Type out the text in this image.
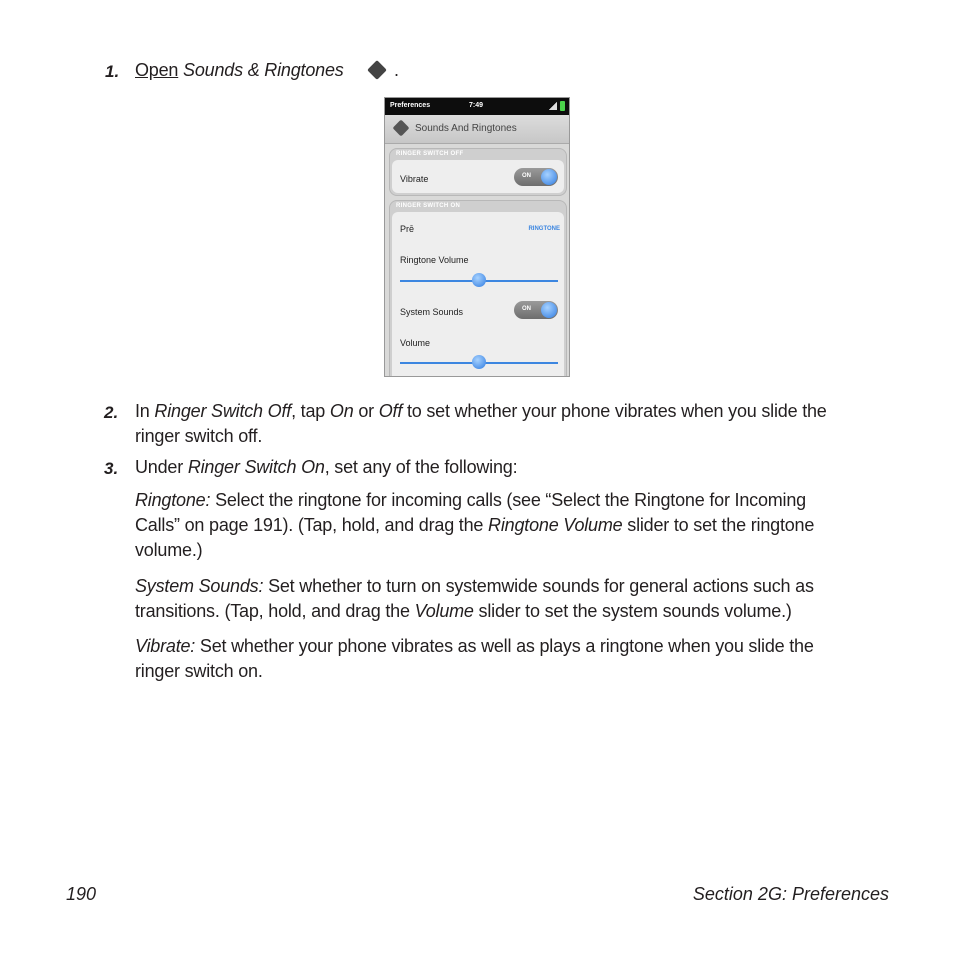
1. Open Sounds & Ringtones	.
Preferences	7:49
Sounds And Ringtones
RINGER SWITCH OFF
Vibrate	ON
RINGER SWITCH ON
Prē	RINGTONE
Ringtone Volume
System Sounds	ON
Volume
2. In Ringer Switch Off, tap On or Off to set whether your phone vibrates when you slide the
ringer switch off.
3. Under Ringer Switch On, set any of the following:
Ringtone: Select the ringtone for incoming calls (see “Select the Ringtone for Incoming
Calls” on page 191). (Tap, hold, and drag the Ringtone Volume slider to set the ringtone
volume.)
System Sounds: Set whether to turn on systemwide sounds for general actions such as
transitions. (Tap, hold, and drag the Volume slider to set the system sounds volume.)
Vibrate: Set whether your phone vibrates as well as plays a ringtone when you slide the
ringer switch on.
190	Section 2G: Preferences
